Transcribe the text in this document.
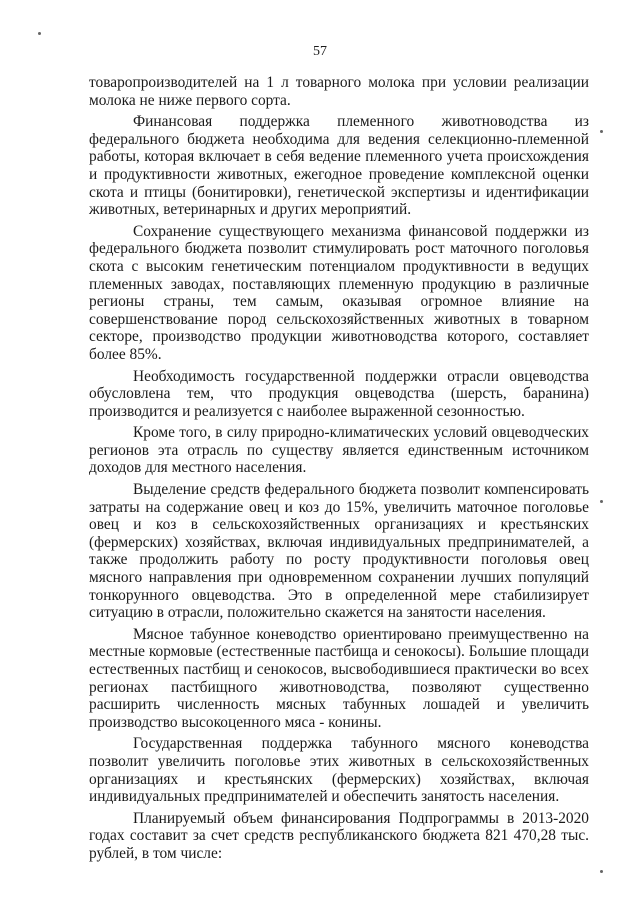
57

товаропроизводителей на 1 л товарного молока при условии реализации молока не ниже первого сорта.

Финансовая поддержка племенного животноводства из федерального бюджета необходима для ведения селекционно-племенной работы, которая включает в себя ведение племенного учета происхождения и продуктивности животных, ежегодное проведение комплексной оценки скота и птицы (бонитировки), генетической экспертизы и идентификации животных, ветеринарных и других мероприятий.

Сохранение существующего механизма финансовой поддержки из федерального бюджета позволит стимулировать рост маточного поголовья скота с высоким генетическим потенциалом продуктивности в ведущих племенных заводах, поставляющих племенную продукцию в различные регионы страны, тем самым, оказывая огромное влияние на совершенствование пород сельскохозяйственных животных в товарном секторе, производство продукции животноводства которого, составляет более 85%.

Необходимость государственной поддержки отрасли овцеводства обусловлена тем, что продукция овцеводства (шерсть, баранина) производится и реализуется с наиболее выраженной сезонностью.

Кроме того, в силу природно-климатических условий овцеводческих регионов эта отрасль по существу является единственным источником доходов для местного населения.

Выделение средств федерального бюджета позволит компенсировать затраты на содержание овец и коз до 15%, увеличить маточное поголовье овец и коз в сельскохозяйственных организациях и крестьянских (фермерских) хозяйствах, включая индивидуальных предпринимателей, а также продолжить работу по росту продуктивности поголовья овец мясного направления при одновременном сохранении лучших популяций тонкорунного овцеводства. Это в определенной мере стабилизирует ситуацию в отрасли, положительно скажется на занятости населения.

Мясное табунное коневодство ориентировано преимущественно на местные кормовые (естественные пастбища и сенокосы). Большие площади естественных пастбищ и сенокосов, высвободившиеся практически во всех регионах пастбищного животноводства, позволяют существенно расширить численность мясных табунных лошадей и увеличить производство высокоценного мяса - конины.

Государственная поддержка табунного мясного коневодства позволит увеличить поголовье этих животных в сельскохозяйственных организациях и крестьянских (фермерских) хозяйствах, включая индивидуальных предпринимателей и обеспечить занятость населения.

Планируемый объем финансирования Подпрограммы в 2013-2020 годах составит за счет средств республиканского бюджета 821 470,28 тыс. рублей, в том числе:
